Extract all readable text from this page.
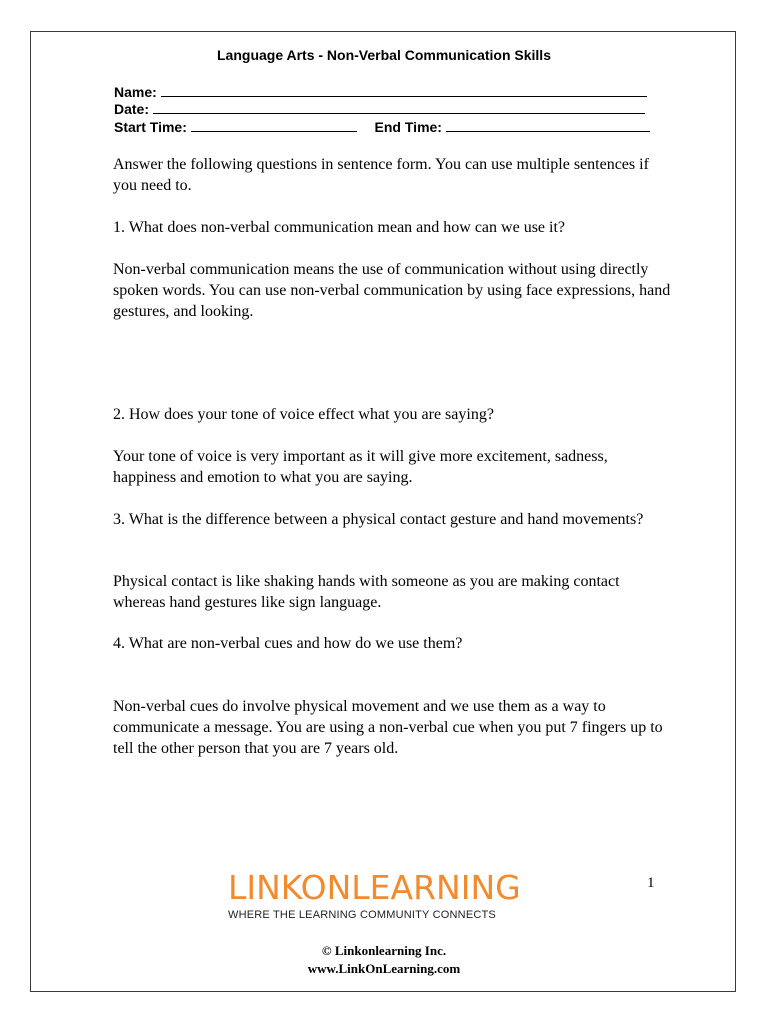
Language Arts - Non-Verbal Communication Skills
Name:
Date:
Start Time:	End Time:
Answer the following questions in sentence form. You can use multiple sentences if you need to.
1. What does non-verbal communication mean and how can we use it?
Non-verbal communication means the use of communication without using directly spoken words. You can use non-verbal communication by using face expressions, hand gestures, and looking.
2. How does your tone of voice effect what you are saying?
Your tone of voice is very important as it will give more excitement, sadness, happiness and emotion to what you are saying.
3. What is the difference between a physical contact gesture and hand movements?
Physical contact is like shaking hands with someone as you are making contact whereas hand gestures like sign language.
4. What are non-verbal cues and how do we use them?
Non-verbal cues do involve physical movement and we use them as a way to communicate a message. You are using a non-verbal cue when you put 7 fingers up to tell the other person that you are 7 years old.
1
LINKONLEARNING
WHERE THE LEARNING COMMUNITY CONNECTS
© Linkonlearning Inc.
www.LinkOnLearning.com
